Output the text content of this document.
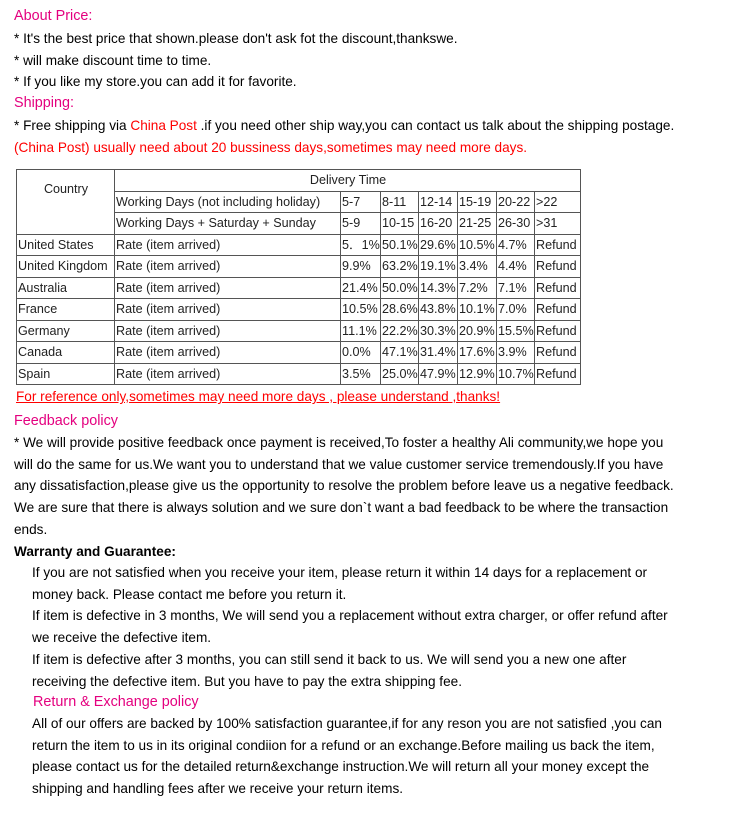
About Price:
* It's the best price that shown.please don't ask fot the discount,thankswe.
* will make discount time to time.
* If you like my store.you can add it for favorite.
Shipping:
* Free shipping via China Post .if you need other ship way,you can contact us talk about the shipping postage.
(China Post) usually need about 20 bussiness days,sometimes may need more days.
Country	Delivery Time						
	Working Days (not including holiday)	5-7	8-11	12-14	15-19	20-22	>22
	Working Days + Saturday + Sunday	5-9	10-15	16-20	21-25	26-30	>31
United States	Rate (item arrived)	5．1%	50.1%	29.6%	10.5%	4.7%	Refund
United Kingdom	Rate (item arrived)	9.9%	63.2%	19.1%	3.4%	4.4%	Refund
Australia	Rate (item arrived)	21.4%	50.0%	14.3%	7.2%	7.1%	Refund
France	Rate (item arrived)	10.5%	28.6%	43.8%	10.1%	7.0%	Refund
Germany	Rate (item arrived)	11.1%	22.2%	30.3%	20.9%	15.5%	Refund
Canada	Rate (item arrived)	0.0%	47.1%	31.4%	17.6%	3.9%	Refund
Spain	Rate (item arrived)	3.5%	25.0%	47.9%	12.9%	10.7%	Refund
For reference only,sometimes may need more days , please understand ,thanks!
Feedback policy

* We will provide positive feedback once payment is received,To foster a healthy Ali community,we hope you

will do the same for us.We want you to understand that we value customer service tremendously.If you have

any dissatisfaction,please give us the opportunity to resolve the problem before leave us a negative feedback.

We are sure that there is always solution and we sure don`t want a bad feedback to be where the transaction

ends.

Warranty and Guarantee:

If you are not satisfied when you receive your item, please return it within 14 days for a replacement or

money back. Please contact me before you return it.

If item is defective in 3 months, We will send you a replacement without extra charger, or offer refund after

we receive the defective item.

If item is defective after 3 months, you can still send it back to us. We will send you a new one after

receiving the defective item. But you have to pay the extra shipping fee.

Return & Exchange policy

All of our offers are backed by 100% satisfaction guarantee,if for any reson you are not satisfied ,you can

return the item to us in its original condiion for a refund or an exchange.Before mailing us back the item,

please contact us for the detailed return&exchange instruction.We will return all your money except the

shipping and handling fees after we receive your return items.
